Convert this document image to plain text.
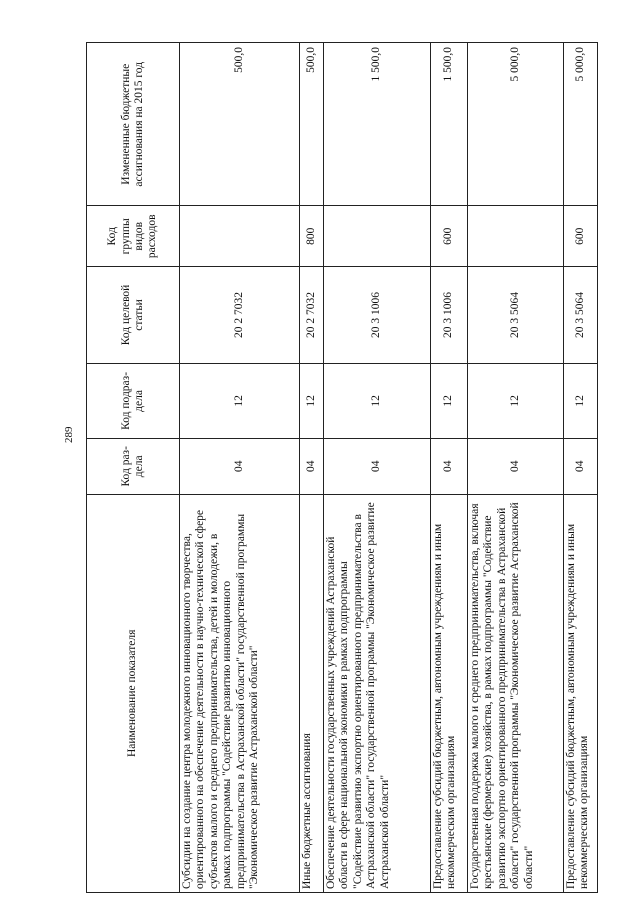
289
Наименование показателя	Код раз- дела	Код подраз- дела	Код целевой статьи	Код группы видов расходов	Измененные бюджетные ассигнования на 2015 год
Субсидии на создание центра молодежного инновационного творчества, ориентированного на обеспечение деятельности в научно-технической сфере субъектов малого и среднего предпринимательства, детей и молодежи, в рамках подпрограммы "Содействие развитию инновационного предпринимательства в Астраханской области" государственной программы "Экономическое развитие Астраханской области"	04	12	20 2 7032		500,0
Иные бюджетные ассигнования	04	12	20 2 7032	800	500,0
Обеспечение деятельности государственных учреждений Астраханской области в сфере национальной экономики в рамках подпрограммы "Содействие развитию экспортно ориентированного предпринимательства в Астраханской области" государственной программы "Экономическое развитие Астраханской области"	04	12	20 3 1006		1 500,0
Предоставление субсидий бюджетным, автономным учреждениям и иным некоммерческим организациям	04	12	20 3 1006	600	1 500,0
Государственная поддержка малого и среднего предпринимательства, включая крестьянские (фермерские) хозяйства, в рамках подпрограммы "Содействие развитию экспортно ориентированного предпринимательства в Астраханской области" государственной программы "Экономическое развитие Астраханской области"	04	12	20 3 5064		5 000,0
Предоставление субсидий бюджетным, автономным учреждениям и иным некоммерческим организациям	04	12	20 3 5064	600	5 000,0
